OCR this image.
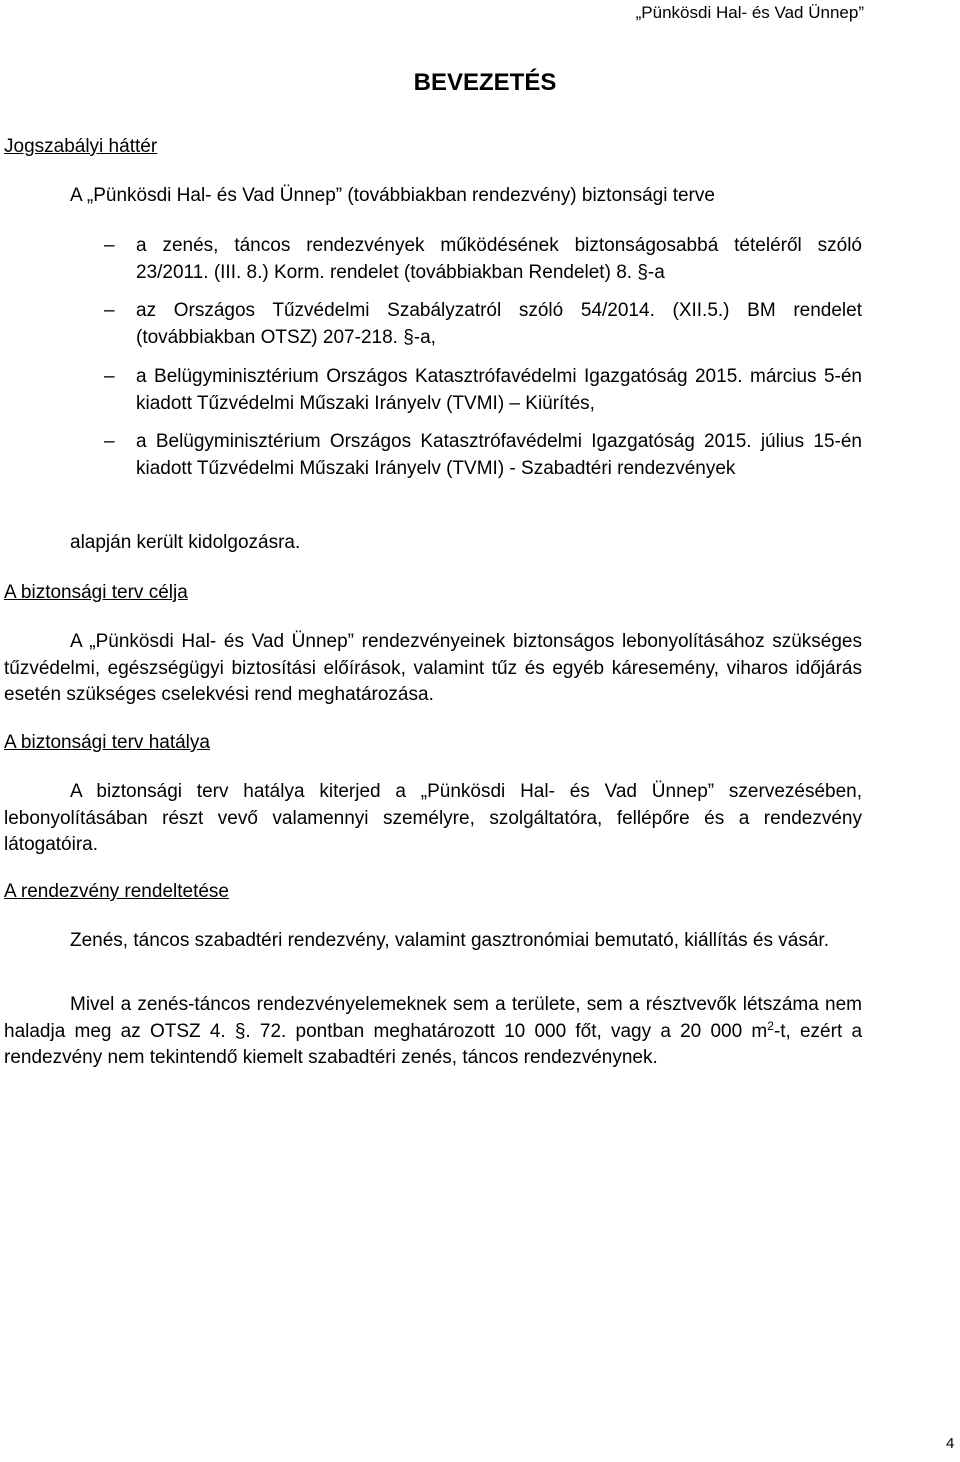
„Pünkösdi Hal- és Vad Ünnep”
BEVEZETÉS
Jogszabályi háttér
A „Pünkösdi Hal- és Vad Ünnep” (továbbiakban rendezvény) biztonsági terve
–	a zenés, táncos rendezvények működésének biztonságosabbá tételéről szóló 23/2011. (III. 8.) Korm. rendelet (továbbiakban Rendelet) 8. §-a
–	az Országos Tűzvédelmi Szabályzatról szóló 54/2014. (XII.5.) BM rendelet (továbbiakban OTSZ) 207-218. §-a,
–	a Belügyminisztérium Országos Katasztrófavédelmi Igazgatóság 2015. március 5-én kiadott Tűzvédelmi Műszaki Irányelv (TVMI) – Kiürítés,
–	a Belügyminisztérium Országos Katasztrófavédelmi Igazgatóság 2015. július 15-én kiadott Tűzvédelmi Műszaki Irányelv (TVMI) - Szabadtéri rendezvények
alapján került kidolgozásra.
A biztonsági terv célja
A „Pünkösdi Hal- és Vad Ünnep” rendezvényeinek biztonságos lebonyolításához szükséges tűzvédelmi, egészségügyi biztosítási előírások, valamint tűz és egyéb káresemény, viharos időjárás esetén szükséges cselekvési rend meghatározása.
A biztonsági terv hatálya
A biztonsági terv hatálya kiterjed a „Pünkösdi Hal- és Vad Ünnep” szervezésében, lebonyolításában részt vevő valamennyi személyre, szolgáltatóra, fellépőre és a rendezvény látogatóira.
A rendezvény rendeltetése
Zenés, táncos szabadtéri rendezvény, valamint gasztronómiai bemutató, kiállítás és vásár.
Mivel a zenés-táncos rendezvényelemeknek sem a területe, sem a résztvevők létszáma nem haladja meg az OTSZ 4. §. 72. pontban meghatározott 10 000 főt, vagy a 20 000 $m^2-t$, ezért a rendezvény nem tekintendő kiemelt szabadtéri zenés, táncos rendezvénynek.
4
